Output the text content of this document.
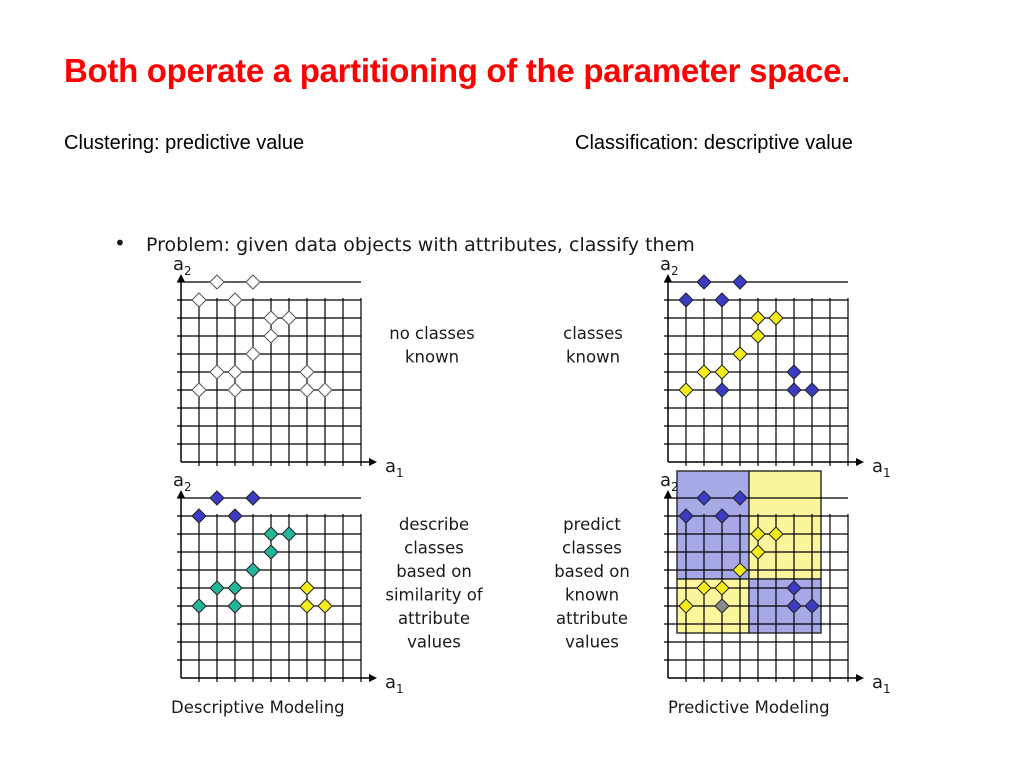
Both operate a partitioning of the parameter space.
Clustering: predictive value	Classification: descriptive value
• Problem: given data objects with attributes, classify them
$a_1$
$a_2$
no classes
known
$a_1$
$a_2$
classes
known
$a_1$
$a_2$
describe
classes
based on
similarity of
attribute
values
Descriptive Modeling
$a_1$
$a_2$
predict
classes
based on
known
attribute
values
Predictive Modeling
